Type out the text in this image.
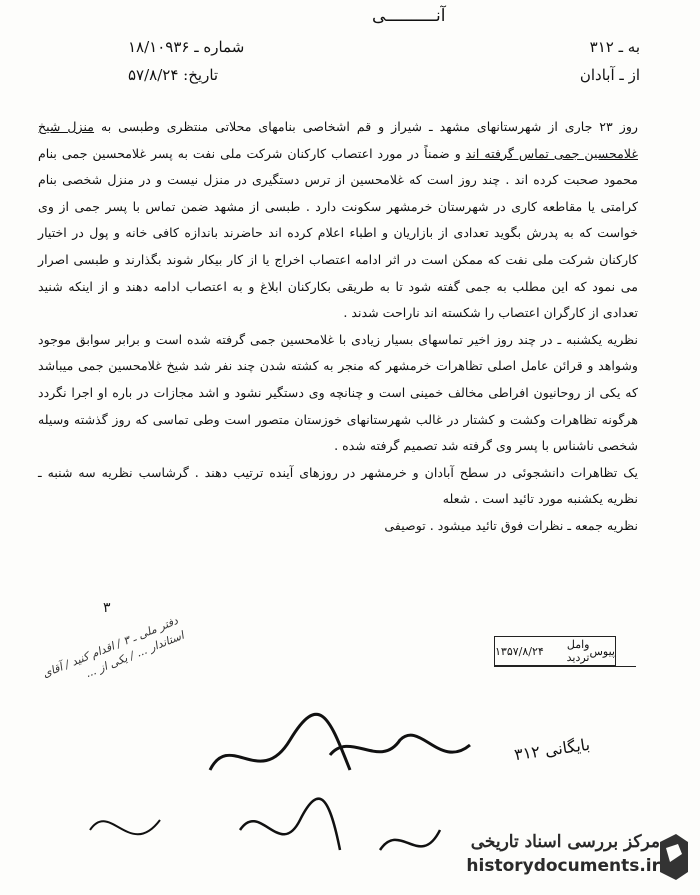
آنــــــــــی
شماره ـ ۱۸/۱۰۹۳۶
تاریخ: ۵۷/۸/۲۴
به ـ ۳۱۲
از ـ آبادان

روز ۲۳ جاری از شهرستانهای مشهد ـ شیراز و قم اشخاصی بنامهای محلاتی منتظری وطبسی به منزل شیخ غلامحسین جمی تماس گرفته اند و ضمناً در مورد اعتصاب کارکنان شرکت ملی نفت به پسر غلامحسین جمی بنام محمود صحبت کرده اند . چند روز است که غلامحسین از ترس دستگیری در منزل نیست و در منزل شخصی بنام کرامتی یا مقاطعه کاری در شهرستان خرمشهر سکونت دارد . طبسی از مشهد ضمن تماس با پسر جمی از وی خواست که به پدرش بگوید تعدادی از بازاریان و اطباء اعلام کرده اند حاضرند باندازه کافی خانه و پول در اختیار کارکنان شرکت ملی نفت که ممکن است در اثر ادامه اعتصاب اخراج یا از کار بیکار شوند بگذارند و طبسی اصرار می نمود که این مطلب به جمی گفته شود تا به طریقی بکارکنان ابلاغ و به اعتصاب ادامه دهند و از اینکه شنید تعدادی از کارگران اعتصاب را شکسته اند ناراحت شدند .

نظریه یکشنبه ـ در چند روز اخیر تماسهای بسیار زیادی با غلامحسین جمی گرفته شده است و برابر سوابق موجود وشواهد و قرائن عامل اصلی تظاهرات خرمشهر که منجر به کشته شدن چند نفر شد شیخ غلامحسین جمی میباشد که یکی از روحانیون افراطی مخالف خمینی است و چنانچه وی دستگیر نشود و اشد مجازات در باره او اجرا نگردد هرگونه تظاهرات وکشت و کشتار در غالب شهرستانهای خوزستان متصور است وطی تماسی که روز گذشته وسیله شخصی ناشناس با پسر وی گرفته شد تصمیم گرفته شده .

یک تظاهرات دانشجوئی در سطح آبادان و خرمشهر در روزهای آینده ترتیب دهند . گرشاسب نظریه سه شنبه ـ نظریه یکشنبه مورد تائید است . شعله

نظریه جمعه ـ نظرات فوق تائید میشود . توصیفی

۳
دفتر ملی ـ ۳ / اقدام کنید / آقای استاندار ... / یکی از ...	پیوس
وامل تردید
۱۳۵۷/۸/۲۴
بایگانی ۳۱۲
مرکز بررسی اسناد تاریخی
historydocuments.ir
